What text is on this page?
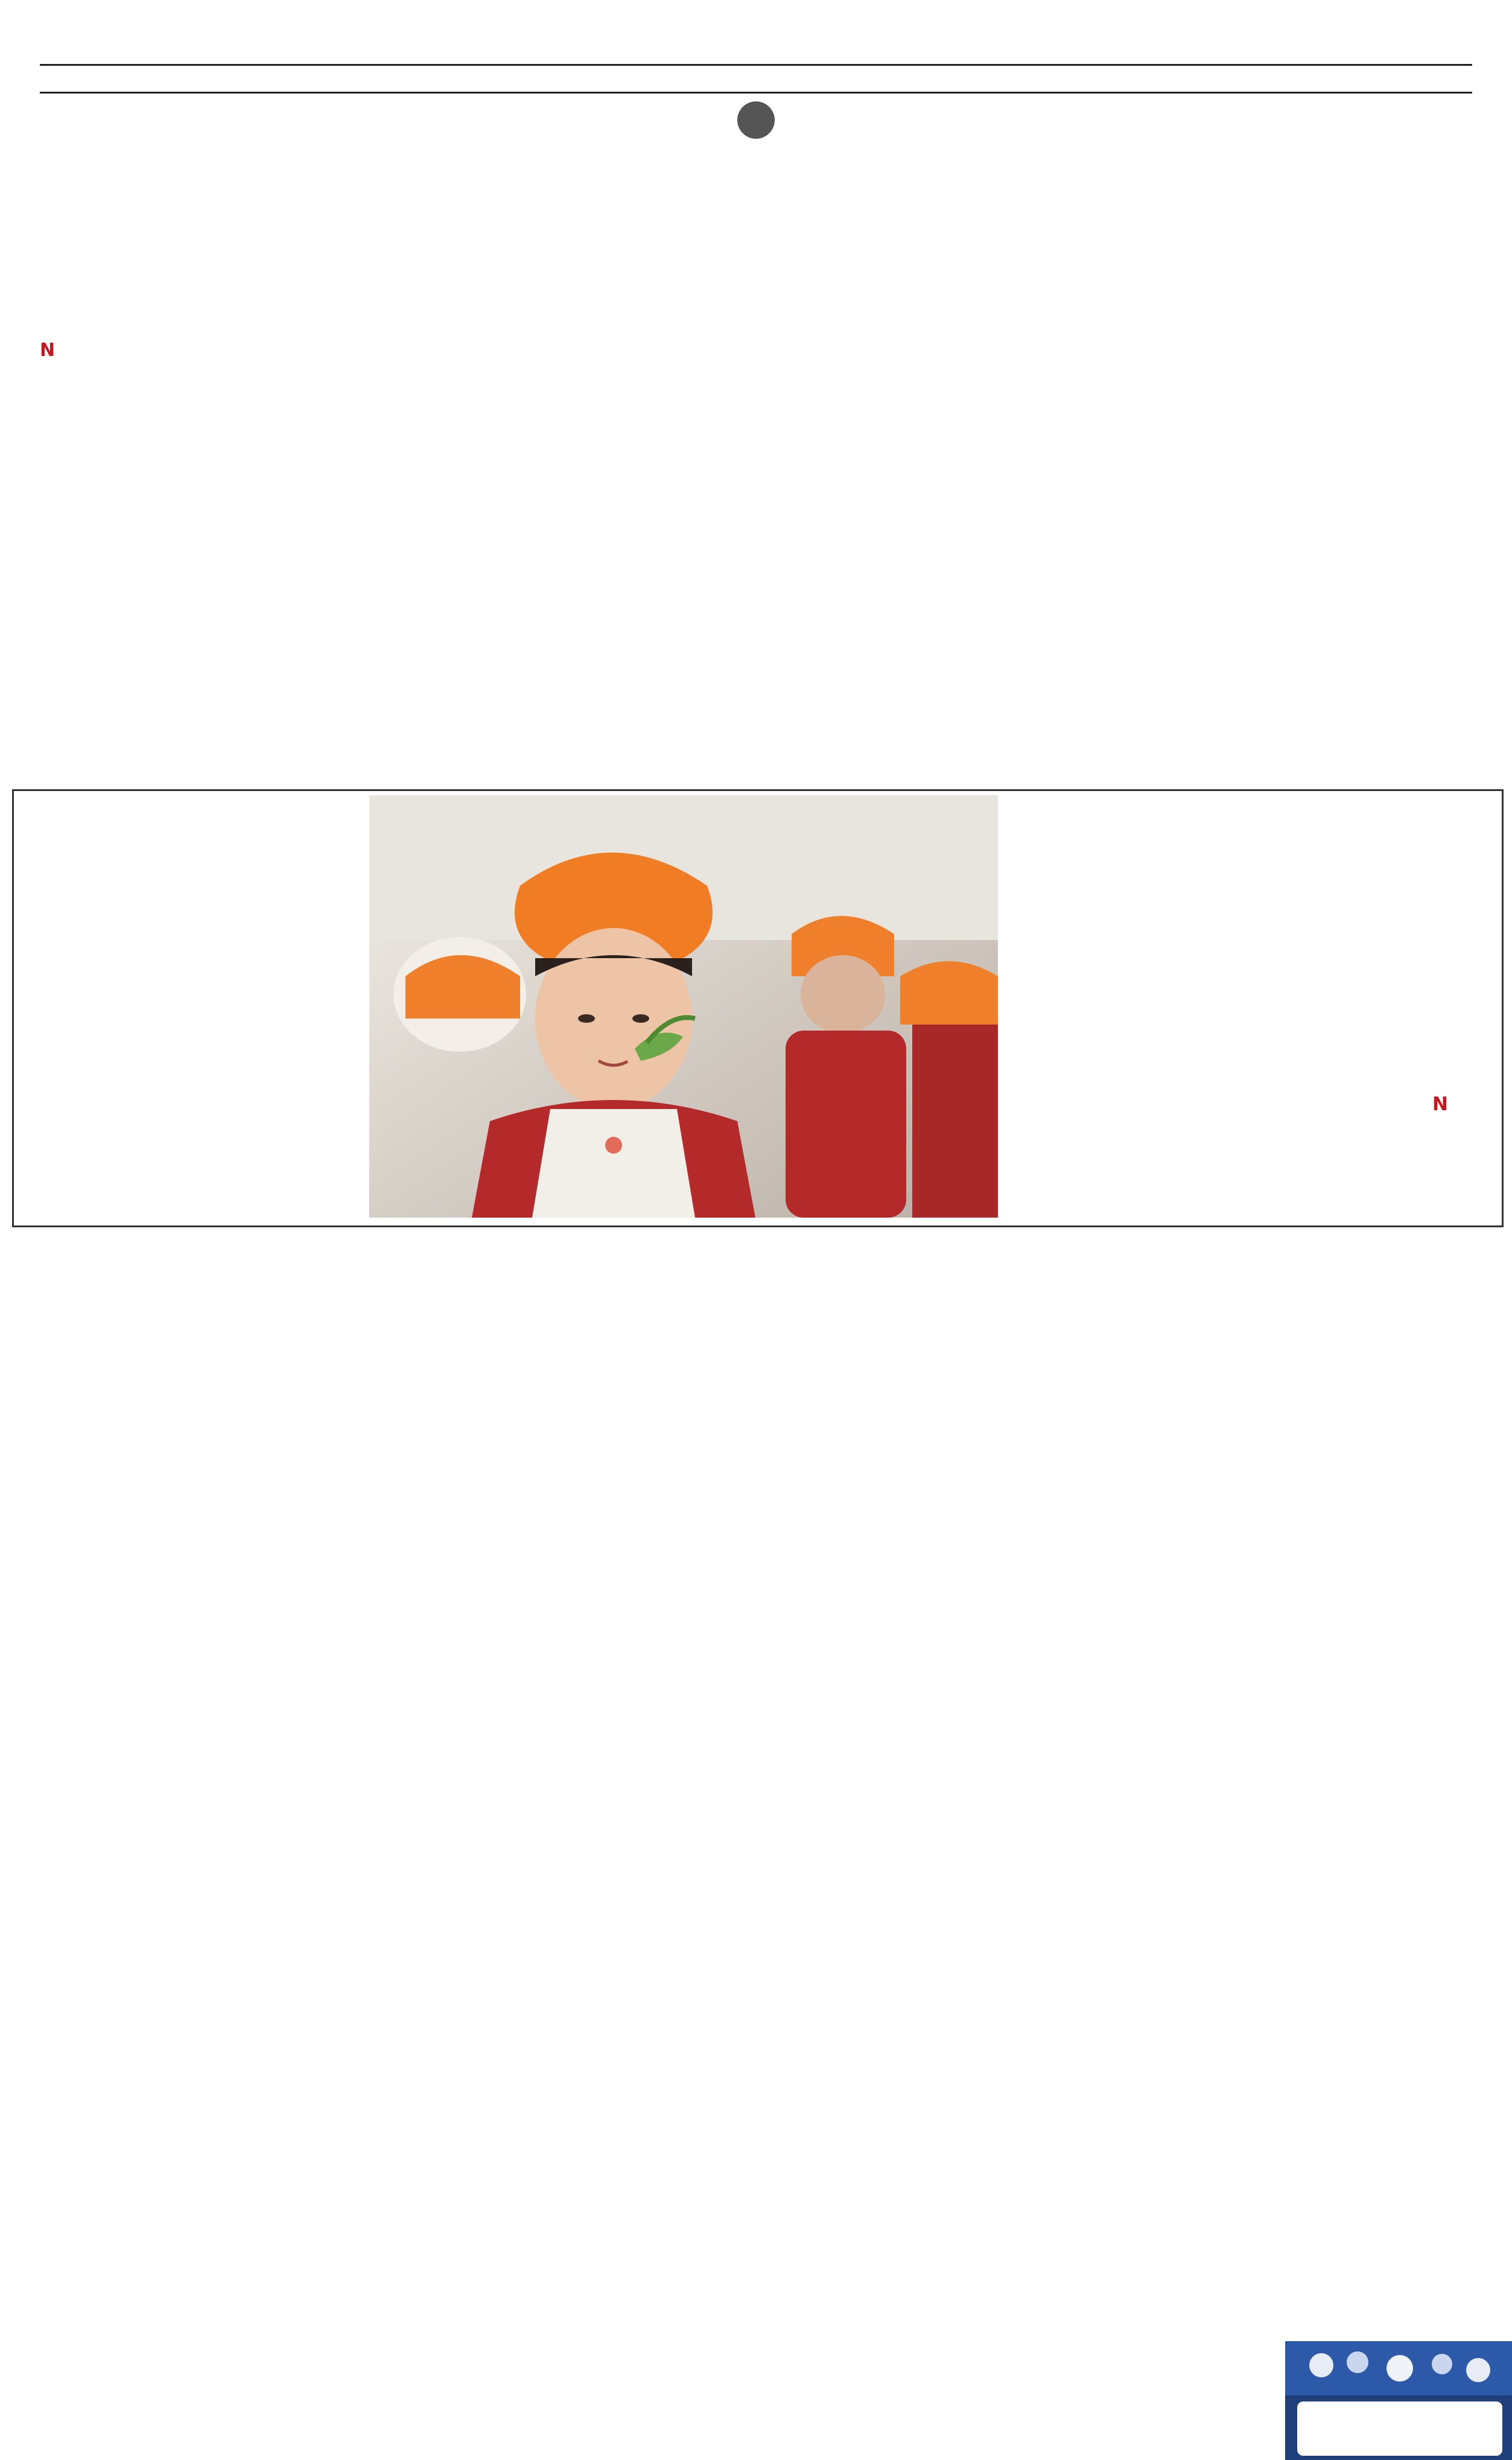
N

N
